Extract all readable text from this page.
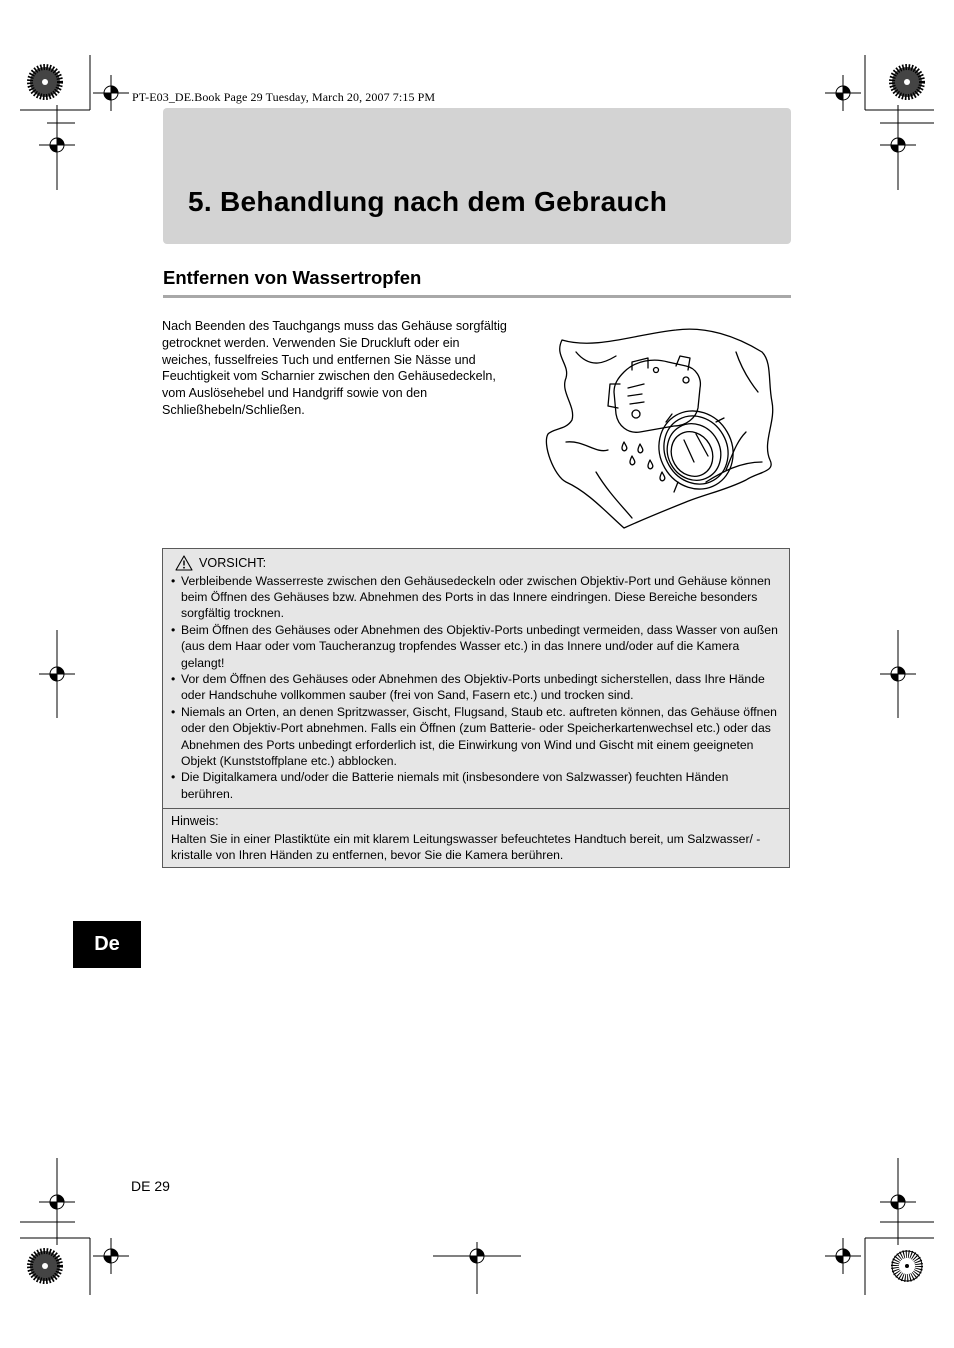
PT-E03_DE.Book Page 29 Tuesday, March 20, 2007 7:15 PM
5. Behandlung nach dem Gebrauch
Entfernen von Wassertropfen
Nach Beenden des Tauchgangs muss das Gehäuse sorgfältig getrocknet werden. Verwenden Sie Druckluft oder ein weiches, fusselfreies Tuch und entfernen Sie Nässe und Feuchtigkeit vom Scharnier zwischen den Gehäusedeckeln, vom Auslösehebel und Handgriff sowie von den Schließhebeln/Schließen.
VORSICHT:
• Verbleibende Wasserreste zwischen den Gehäusedeckeln oder zwischen Objektiv-Port und Gehäuse können beim Öffnen des Gehäuses bzw. Abnehmen des Ports in das Innere eindringen. Diese Bereiche besonders sorgfältig trocknen.
• Beim Öffnen des Gehäuses oder Abnehmen des Objektiv-Ports unbedingt vermeiden, dass Wasser von außen (aus dem Haar oder vom Taucheranzug tropfendes Wasser etc.) in das Innere und/oder auf die Kamera gelangt!
• Vor dem Öffnen des Gehäuses oder Abnehmen des Objektiv-Ports unbedingt sicherstellen, dass Ihre Hände oder Handschuhe vollkommen sauber (frei von Sand, Fasern etc.) und trocken sind.
• Niemals an Orten, an denen Spritzwasser, Gischt, Flugsand, Staub etc. auftreten können, das Gehäuse öffnen oder den Objektiv-Port abnehmen. Falls ein Öffnen (zum Batterie- oder Speicherkartenwechsel etc.) oder das Abnehmen des Ports unbedingt erforderlich ist, die Einwirkung von Wind und Gischt mit einem geeigneten Objekt (Kunststoffplane etc.) abblocken.
• Die Digitalkamera und/oder die Batterie niemals mit (insbesondere von Salzwasser) feuchten Händen berühren.
Hinweis:
Halten Sie in einer Plastiktüte ein mit klarem Leitungswasser befeuchtetes Handtuch bereit, um Salzwasser/ -kristalle von Ihren Händen zu entfernen, bevor Sie die Kamera berühren.
De
DE 29
